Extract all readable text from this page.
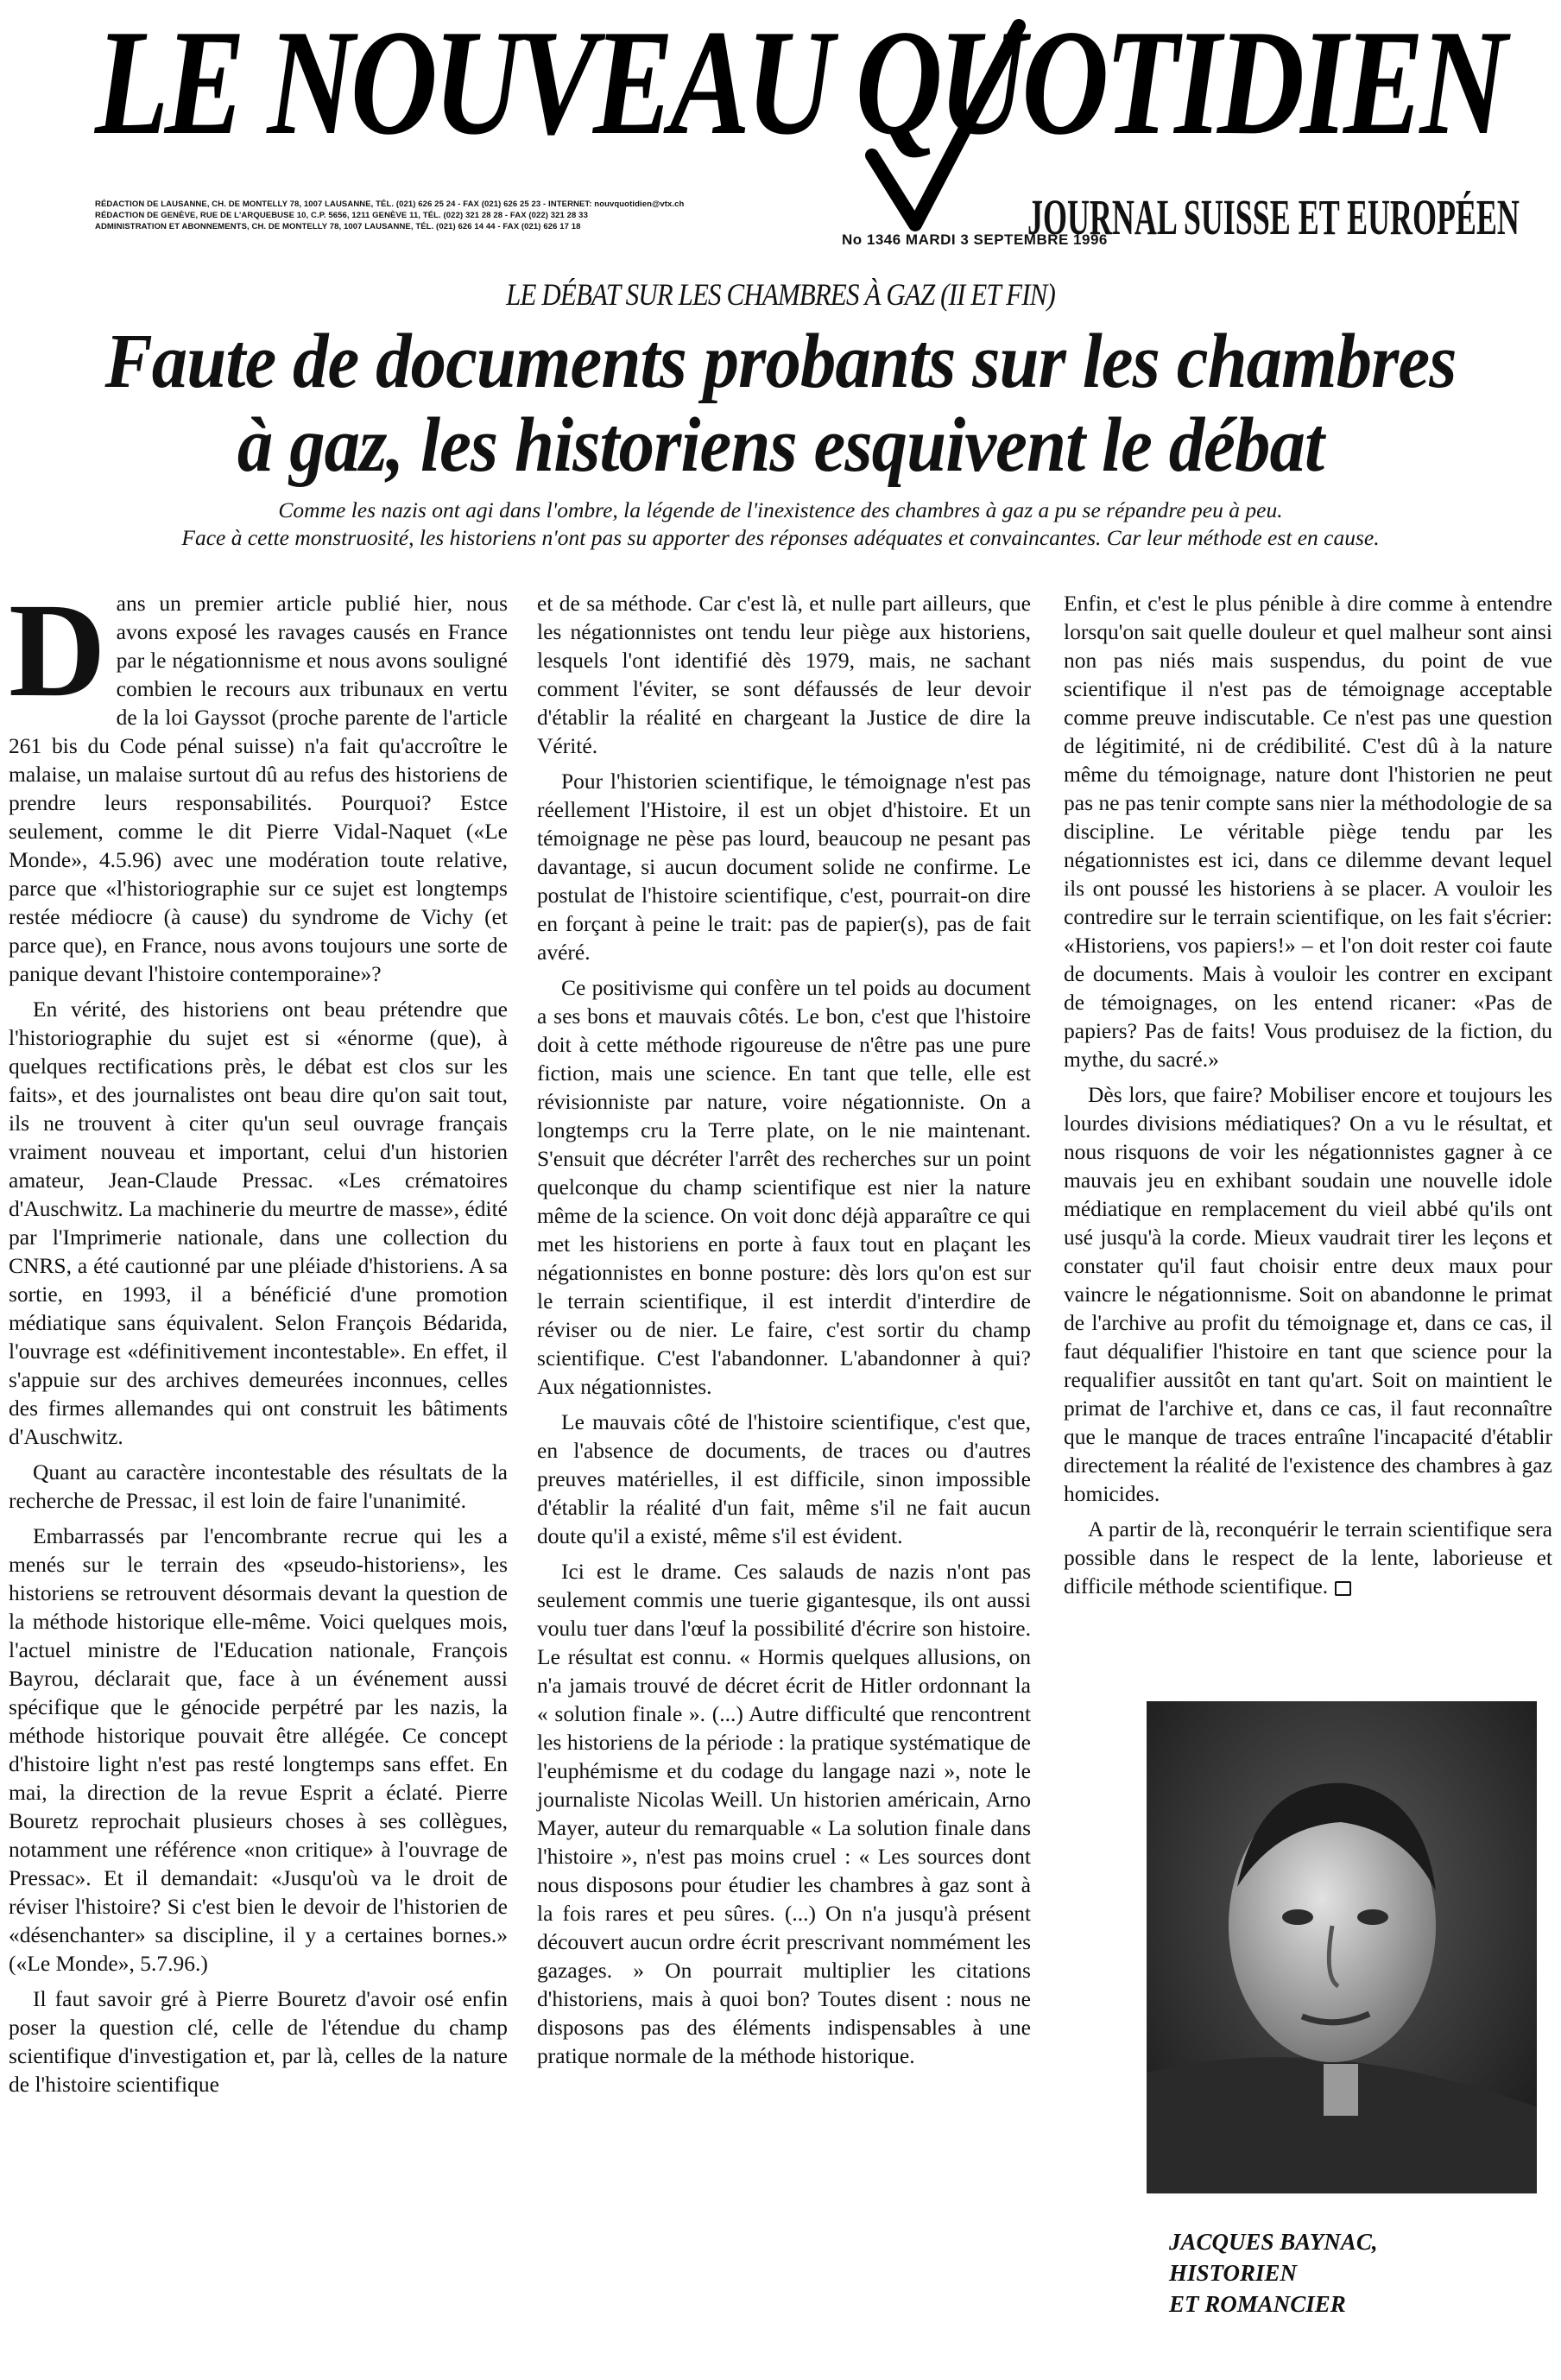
LE NOUVEAU QUOTIDIEN
RÉDACTION DE LAUSANNE, CH. DE MONTELLY 78, 1007 LAUSANNE, TÉL. (021) 626 25 24 - FAX (021) 626 25 23 - INTERNET: nouvquotidien@vtx.ch
RÉDACTION DE GENÈVE, RUE DE L'ARQUEBUSE 10, C.P. 5656, 1211 GENÈVE 11, TÉL. (022) 321 28 28 - FAX (022) 321 28 33
ADMINISTRATION ET ABONNEMENTS, CH. DE MONTELLY 78, 1007 LAUSANNE, TÉL. (021) 626 14 44 - FAX (021) 626 17 18
No 1346 MARDI 3 SEPTEMBRE 1996
JOURNAL SUISSE ET EUROPÉEN
LE DÉBAT SUR LES CHAMBRES À GAZ (II ET FIN)
Faute de documents probants sur les chambres
à gaz, les historiens esquivent le débat
Comme les nazis ont agi dans l'ombre, la légende de l'inexistence des chambres à gaz a pu se répandre peu à peu.
Face à cette monstruosité, les historiens n'ont pas su apporter des réponses adéquates et convaincantes. Car leur méthode est en cause.

Dans un premier article publié hier, nous avons exposé les ravages causés en France par le négationnisme et nous avons souligné combien le recours aux tribunaux en vertu de la loi Gayssot (proche parente de l'article 261 bis du Code pénal suisse) n'a fait qu'accroître le malaise, un malaise surtout dû au refus des historiens de prendre leurs responsabilités. Pourquoi? Estce seulement, comme le dit Pierre Vidal-Naquet («Le Monde», 4.5.96) avec une modération toute relative, parce que «l'historiographie sur ce sujet est longtemps restée médiocre (à cause) du syndrome de Vichy (et parce que), en France, nous avons toujours une sorte de panique devant l'histoire contemporaine»?

En vérité, des historiens ont beau prétendre que l'historiographie du sujet est si «énorme (que), à quelques rectifications près, le débat est clos sur les faits», et des journalistes ont beau dire qu'on sait tout, ils ne trouvent à citer qu'un seul ouvrage français vraiment nouveau et important, celui d'un historien amateur, Jean-Claude Pressac. «Les crématoires d'Auschwitz. La machinerie du meurtre de masse», édité par l'Imprimerie nationale, dans une collection du CNRS, a été cautionné par une pléiade d'historiens. A sa sortie, en 1993, il a bénéficié d'une promotion médiatique sans équivalent. Selon François Bédarida, l'ouvrage est «définitivement incontestable». En effet, il s'appuie sur des archives demeurées inconnues, celles des firmes allemandes qui ont construit les bâtiments d'Auschwitz.

Quant au caractère incontestable des résultats de la recherche de Pressac, il est loin de faire l'unanimité.

Embarrassés par l'encombrante recrue qui les a menés sur le terrain des «pseudo-historiens», les historiens se retrouvent désormais devant la question de la méthode historique elle-même. Voici quelques mois, l'actuel ministre de l'Education nationale, François Bayrou, déclarait que, face à un événement aussi spécifique que le génocide perpétré par les nazis, la méthode historique pouvait être allégée. Ce concept d'histoire light n'est pas resté longtemps sans effet. En mai, la direction de la revue Esprit a éclaté. Pierre Bouretz reprochait plusieurs choses à ses collègues, notamment une référence «non critique» à l'ouvrage de Pressac». Et il demandait: «Jusqu'où va le droit de réviser l'histoire? Si c'est bien le devoir de l'historien de «désenchanter» sa discipline, il y a certaines bornes.» («Le Monde», 5.7.96.)

Il faut savoir gré à Pierre Bouretz d'avoir osé enfin poser la question clé, celle de l'étendue du champ scientifique d'investigation et, par là, celles de la nature de l'histoire scientifique

et de sa méthode. Car c'est là, et nulle part ailleurs, que les négationnistes ont tendu leur piège aux historiens, lesquels l'ont identifié dès 1979, mais, ne sachant comment l'éviter, se sont défaussés de leur devoir d'établir la réalité en chargeant la Justice de dire la Vérité.

Pour l'historien scientifique, le témoignage n'est pas réellement l'Histoire, il est un objet d'histoire. Et un témoignage ne pèse pas lourd, beaucoup ne pesant pas davantage, si aucun document solide ne confirme. Le postulat de l'histoire scientifique, c'est, pourrait-on dire en forçant à peine le trait: pas de papier(s), pas de fait avéré.

Ce positivisme qui confère un tel poids au document a ses bons et mauvais côtés. Le bon, c'est que l'histoire doit à cette méthode rigoureuse de n'être pas une pure fiction, mais une science. En tant que telle, elle est révisionniste par nature, voire négationniste. On a longtemps cru la Terre plate, on le nie maintenant. S'ensuit que décréter l'arrêt des recherches sur un point quelconque du champ scientifique est nier la nature même de la science. On voit donc déjà apparaître ce qui met les historiens en porte à faux tout en plaçant les négationnistes en bonne posture: dès lors qu'on est sur le terrain scientifique, il est interdit d'interdire de réviser ou de nier. Le faire, c'est sortir du champ scientifique. C'est l'abandonner. L'abandonner à qui? Aux négationnistes.

Le mauvais côté de l'histoire scientifique, c'est que, en l'absence de documents, de traces ou d'autres preuves matérielles, il est difficile, sinon impossible d'établir la réalité d'un fait, même s'il ne fait aucun doute qu'il a existé, même s'il est évident.

Ici est le drame. Ces salauds de nazis n'ont pas seulement commis une tuerie gigantesque, ils ont aussi voulu tuer dans l'œuf la possibilité d'écrire son histoire. Le résultat est connu. « Hormis quelques allusions, on n'a jamais trouvé de décret écrit de Hitler ordonnant la « solution finale ». (...) Autre difficulté que rencontrent les historiens de la période : la pratique systématique de l'euphémisme et du codage du langage nazi », note le journaliste Nicolas Weill. Un historien américain, Arno Mayer, auteur du remarquable « La solution finale dans l'histoire », n'est pas moins cruel : « Les sources dont nous disposons pour étudier les chambres à gaz sont à la fois rares et peu sûres. (...) On n'a jusqu'à présent découvert aucun ordre écrit prescrivant nommément les gazages. » On pourrait multiplier les citations d'historiens, mais à quoi bon? Toutes disent : nous ne disposons pas des éléments indispensables à une pratique normale de la méthode historique.

Enfin, et c'est le plus pénible à dire comme à entendre lorsqu'on sait quelle douleur et quel malheur sont ainsi non pas niés mais suspendus, du point de vue scientifique il n'est pas de témoignage acceptable comme preuve indiscutable. Ce n'est pas une question de légitimité, ni de crédibilité. C'est dû à la nature même du témoignage, nature dont l'historien ne peut pas ne pas tenir compte sans nier la méthodologie de sa discipline. Le véritable piège tendu par les négationnistes est ici, dans ce dilemme devant lequel ils ont poussé les historiens à se placer. A vouloir les contredire sur le terrain scientifique, on les fait s'écrier: «Historiens, vos papiers!» – et l'on doit rester coi faute de documents. Mais à vouloir les contrer en excipant de témoignages, on les entend ricaner: «Pas de papiers? Pas de faits! Vous produisez de la fiction, du mythe, du sacré.»

Dès lors, que faire? Mobiliser encore et toujours les lourdes divisions médiatiques? On a vu le résultat, et nous risquons de voir les négationnistes gagner à ce mauvais jeu en exhibant soudain une nouvelle idole médiatique en remplacement du vieil abbé qu'ils ont usé jusqu'à la corde. Mieux vaudrait tirer les leçons et constater qu'il faut choisir entre deux maux pour vaincre le négationnisme. Soit on abandonne le primat de l'archive au profit du témoignage et, dans ce cas, il faut déqualifier l'histoire en tant que science pour la requalifier aussitôt en tant qu'art. Soit on maintient le primat de l'archive et, dans ce cas, il faut reconnaître que le manque de traces entraîne l'incapacité d'établir directement la réalité de l'existence des chambres à gaz homicides.

A partir de là, reconquérir le terrain scientifique sera possible dans le respect de la lente, laborieuse et difficile méthode scientifique.

JACQUES BAYNAC,
HISTORIEN
ET ROMANCIER
